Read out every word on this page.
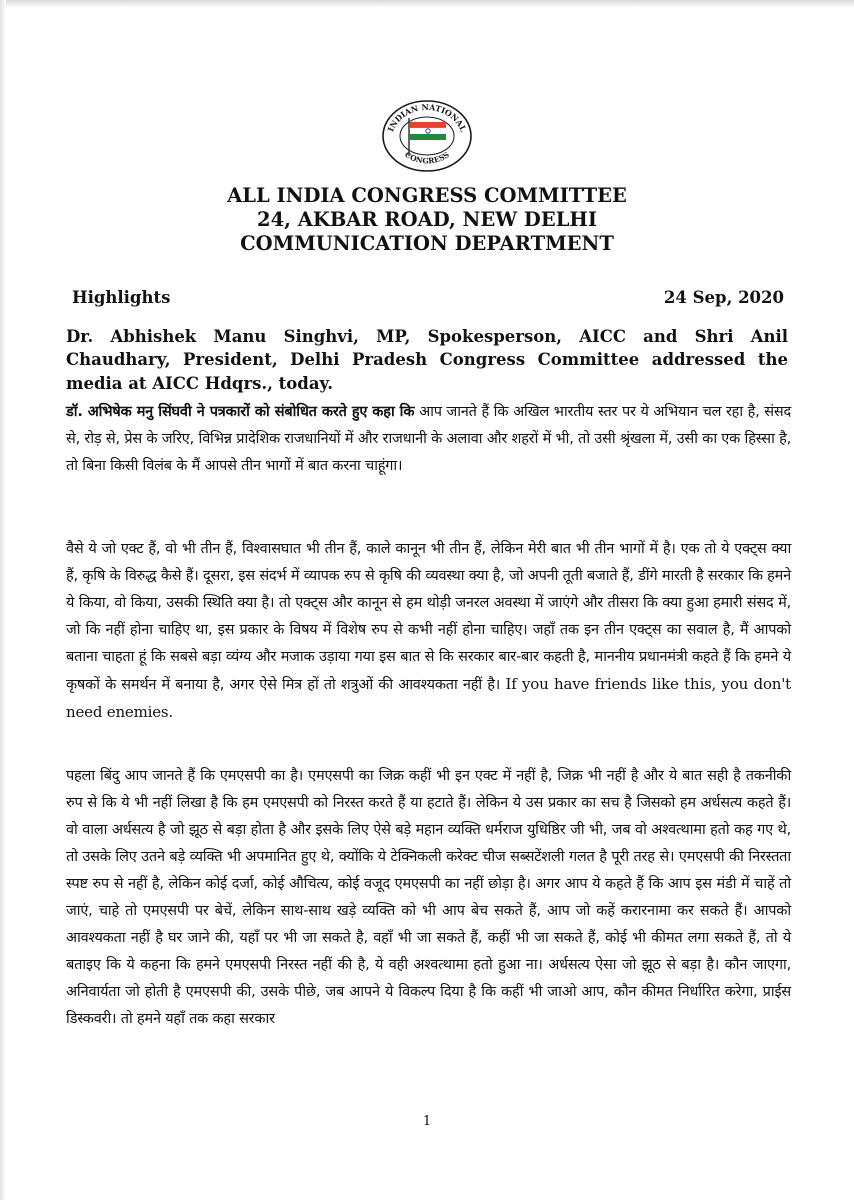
INDIAN NATIONAL
CONGRESS
ALL INDIA CONGRESS COMMITTEE
24, AKBAR ROAD, NEW DELHI
COMMUNICATION DEPARTMENT
Highlights	24 Sep, 2020
Dr. Abhishek Manu Singhvi, MP, Spokesperson, AICC and Shri Anil Chaudhary, President, Delhi Pradesh Congress Committee addressed the media at AICC Hdqrs., today.
डॉ. अभिषेक मनु सिंघवी ने पत्रकारों को संबोधित करते हुए कहा कि आप जानते हैं कि अखिल भारतीय स्तर पर ये अभियान चल रहा है, संसद से, रोड़ से, प्रेस के जरिए, विभिन्न प्रादेशिक राजधानियों में और राजधानी के अलावा और शहरों में भी, तो उसी श्रृंखला में, उसी का एक हिस्सा है, तो बिना किसी विलंब के मैं आपसे तीन भागों में बात करना चाहूंगा।
वैसे ये जो एक्ट हैं, वो भी तीन हैं, विश्वासघात भी तीन हैं, काले कानून भी तीन हैं, लेकिन मेरी बात भी तीन भागों में है। एक तो ये एक्ट्स क्या हैं, कृषि के विरुद्ध कैसे हैं। दूसरा, इस संदर्भ में व्यापक रुप से कृषि की व्यवस्था क्या है, जो अपनी तूती बजाते हैं, डींगे मारती है सरकार कि हमने ये किया, वो किया, उसकी स्थिति क्या है। तो एक्ट्स और कानून से हम थोड़ी जनरल अवस्था में जाएंगे और तीसरा कि क्या हुआ हमारी संसद में, जो कि नहीं होना चाहिए था, इस प्रकार के विषय में विशेष रुप से कभी नहीं होना चाहिए। जहाँ तक इन तीन एक्ट्स का सवाल है, मैं आपको बताना चाहता हूं कि सबसे बड़ा व्यंग्य और मजाक उड़ाया गया इस बात से कि सरकार बार-बार कहती है, माननीय प्रधानमंत्री कहते हैं कि हमने ये कृषकों के समर्थन में बनाया है, अगर ऐसे मित्र हों तो शत्रुओं की आवश्यकता नहीं है। If you have friends like this, you don't need enemies.
पहला बिंदु आप जानते हैं कि एमएसपी का है। एमएसपी का जिक्र कहीं भी इन एक्ट में नहीं है, जिक्र भी नहीं है और ये बात सही है तकनीकी रुप से कि ये भी नहीं लिखा है कि हम एमएसपी को निरस्त करते हैं या हटाते हैं। लेकिन ये उस प्रकार का सच है जिसको हम अर्धसत्य कहते हैं। वो वाला अर्धसत्य है जो झूठ से बड़ा होता है और इसके लिए ऐसे बड़े महान व्यक्ति धर्मराज युधिष्ठिर जी भी, जब वो अश्वत्थामा हतो कह गए थे, तो उसके लिए उतने बड़े व्यक्ति भी अपमानित हुए थे, क्योंकि ये टेक्निकली करेक्ट चीज सब्सटेंशली गलत है पूरी तरह से। एमएसपी की निरस्तता स्पष्ट रुप से नहीं है, लेकिन कोई दर्जा, कोई औचित्य, कोई वजूद एमएसपी का नहीं छोड़ा है। अगर आप ये कहते हैं कि आप इस मंडी में चाहें तो जाएं, चाहे तो एमएसपी पर बेचें, लेकिन साथ-साथ खड़े व्यक्ति को भी आप बेच सकते हैं, आप जो कहें करारनामा कर सकते हैं। आपको आवश्यकता नहीं है घर जाने की, यहाँ पर भी जा सकते है, वहाँ भी जा सकते हैं, कहीं भी जा सकते हैं, कोई भी कीमत लगा सकते हैं, तो ये बताइए कि ये कहना कि हमने एमएसपी निरस्त नहीं की है, ये वही अश्वत्थामा हतो हुआ ना। अर्धसत्य ऐसा जो झूठ से बड़ा है। कौन जाएगा, अनिवार्यता जो होती है एमएसपी की, उसके पीछे, जब आपने ये विकल्प दिया है कि कहीं भी जाओ आप, कौन कीमत निर्धारित करेगा, प्राईस डिस्कवरी। तो हमने यहाँ तक कहा सरकार
1
